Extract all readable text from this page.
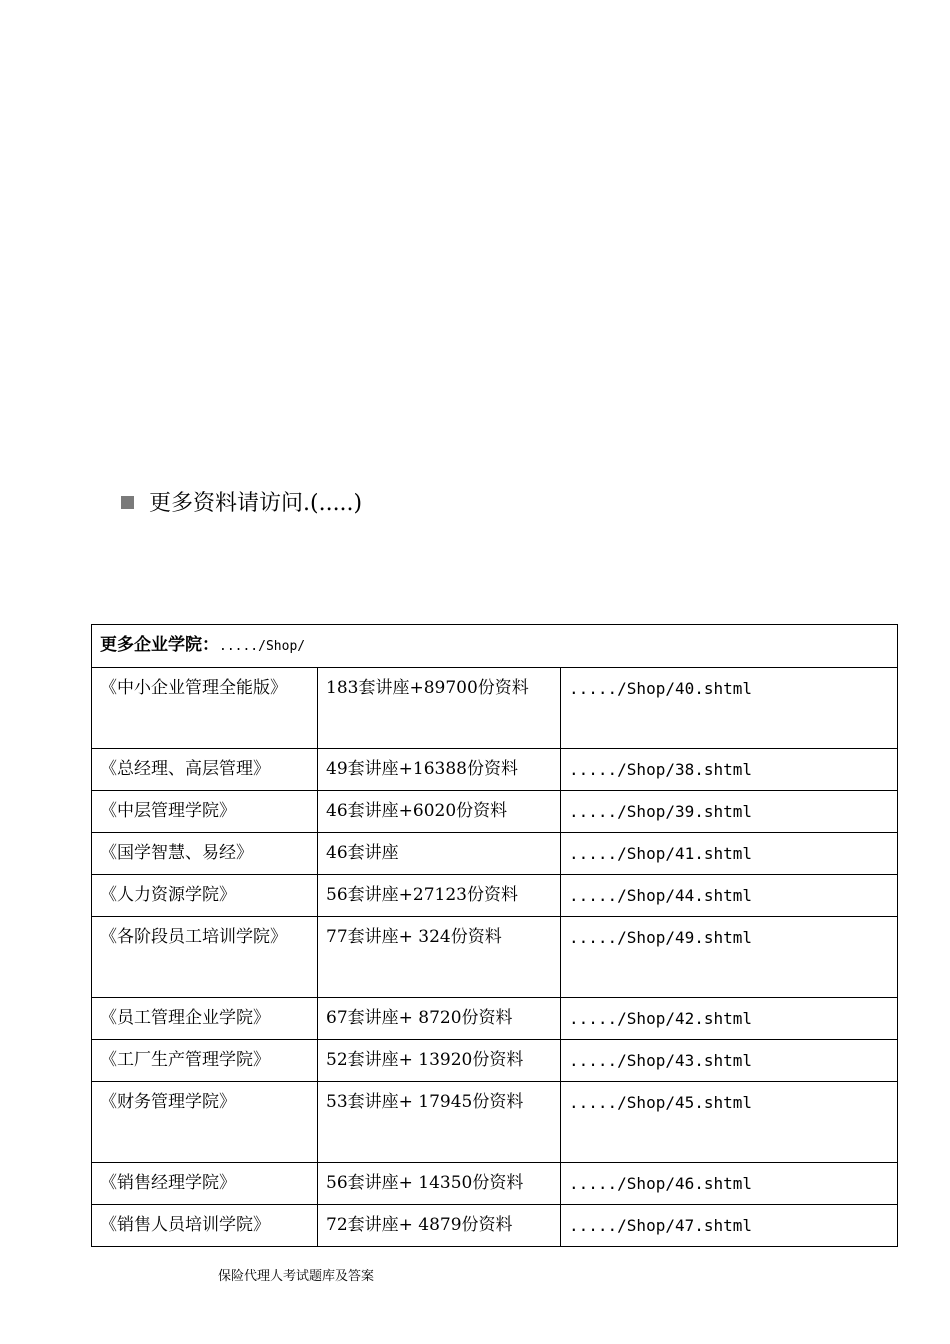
更多资料请访问.(.....)
更多企业学院：...../Shop/		
《中小企业管理全能版》	183套讲座+89700份资料	...../Shop/40.shtml
《总经理、高层管理》	49套讲座+16388份资料	...../Shop/38.shtml
《中层管理学院》	46套讲座+6020份资料	...../Shop/39.shtml
《国学智慧、易经》	46套讲座	...../Shop/41.shtml
《人力资源学院》	56套讲座+27123份资料	...../Shop/44.shtml
《各阶段员工培训学院》	77套讲座+ 324份资料	...../Shop/49.shtml
《员工管理企业学院》	67套讲座+ 8720份资料	...../Shop/42.shtml
《工厂生产管理学院》	52套讲座+ 13920份资料	...../Shop/43.shtml
《财务管理学院》	53套讲座+ 17945份资料	...../Shop/45.shtml
《销售经理学院》	56套讲座+ 14350份资料	...../Shop/46.shtml
《销售人员培训学院》	72套讲座+ 4879份资料	...../Shop/47.shtml
保险代理人考试题库及答案
